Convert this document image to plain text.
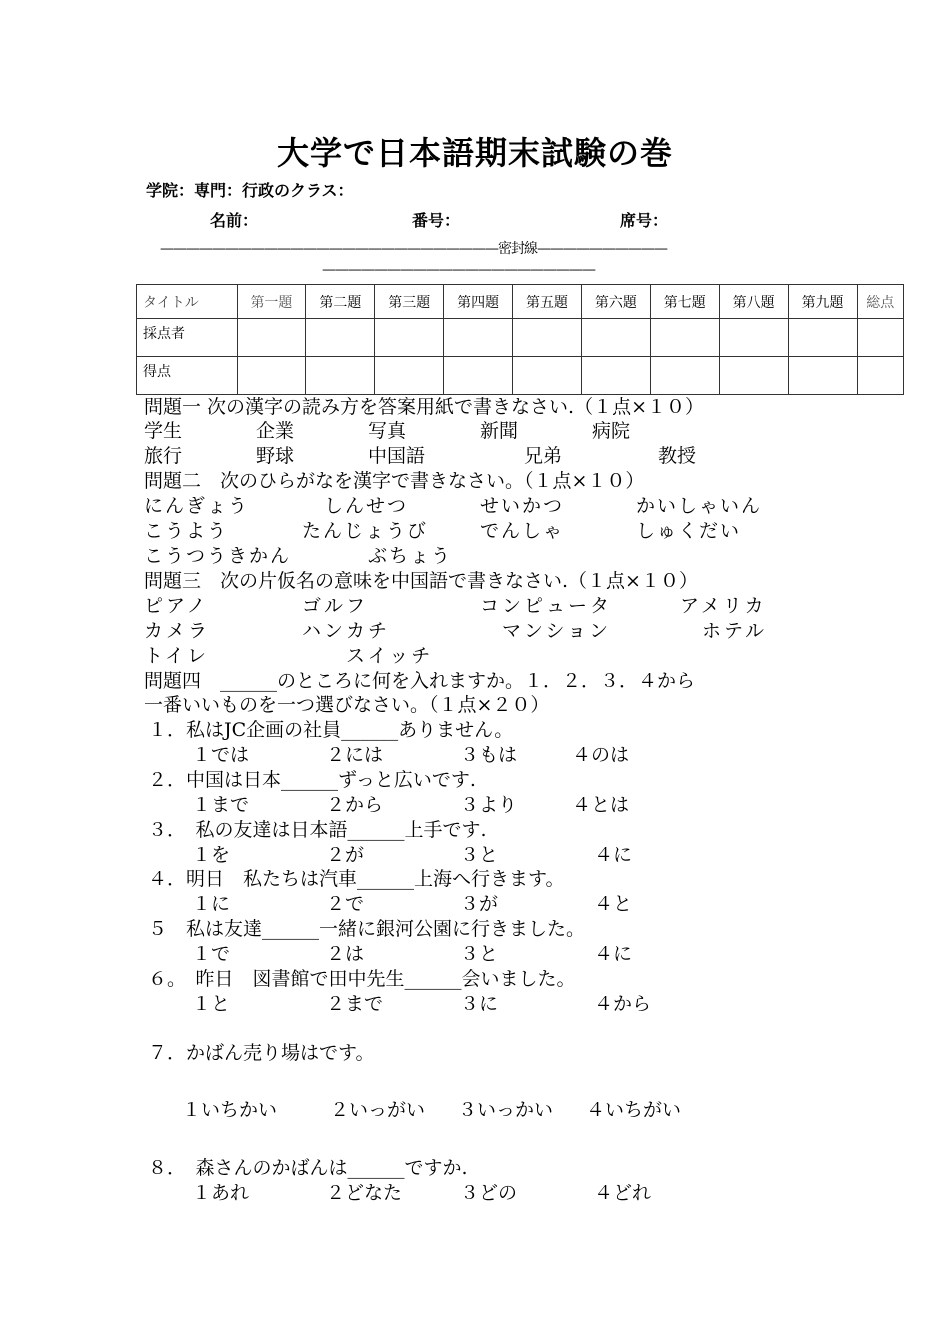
大学で日本語期末試験の巻
学院：専門：行政のクラス：
名前：	番号：	席号：
——————————————————————————密封線——————————
—————————————————————
タイトル	第一題	第二題	第三題	第四題	第五題	第六題	第七題	第八題	第九題	総点
採点者										
得点										
問題一 次の漢字の読み方を答案用紙で書きなさい.（１点×１０）
学生	企業	写真	新聞	病院
旅行	野球	中国語	兄弟	教授
問題二　次のひらがなを漢字で書きなさい。（１点×１０）
にんぎょう	しんせつ	せいかつ	かいしゃいん
こうよう	たんじょうび	でんしゃ	しゅくだい
こうつうきかん	ぶちょう
問題三　次の片仮名の意味を中国語で書きなさい.（１点×１０）
ピアノ	ゴルフ	コンピュータ	アメリカ
カメラ	ハンカチ	マンション	ホテル
トイレ	スイッチ
問題四　______のところに何を入れますか。１．２．３．４から
一番いいものを一つ選びなさい。（１点×２０）
１．私はJC企画の社員______ありません。
１では	２には	３もは	４のは
２．中国は日本______ずっと広いです.
１まで	２から	３より	４とは
３．　私の友達は日本語______上手です.
１を	２が	３と	４に
４．明日　私たちは汽車______上海へ行きます。
１に	２で	３が	４と
５　私は友達______一緒に銀河公園に行きました。
１で	２は	３と	４に
６。　昨日　図書館で田中先生______会いました。
１と	２まで	３に	４から
７．かばん売り場はです。
１いちかい	２いっがい ３いっかい ４いちがい
８．　森さんのかばんは______ですか.
１あれ	２どなた	３どの	４どれ
